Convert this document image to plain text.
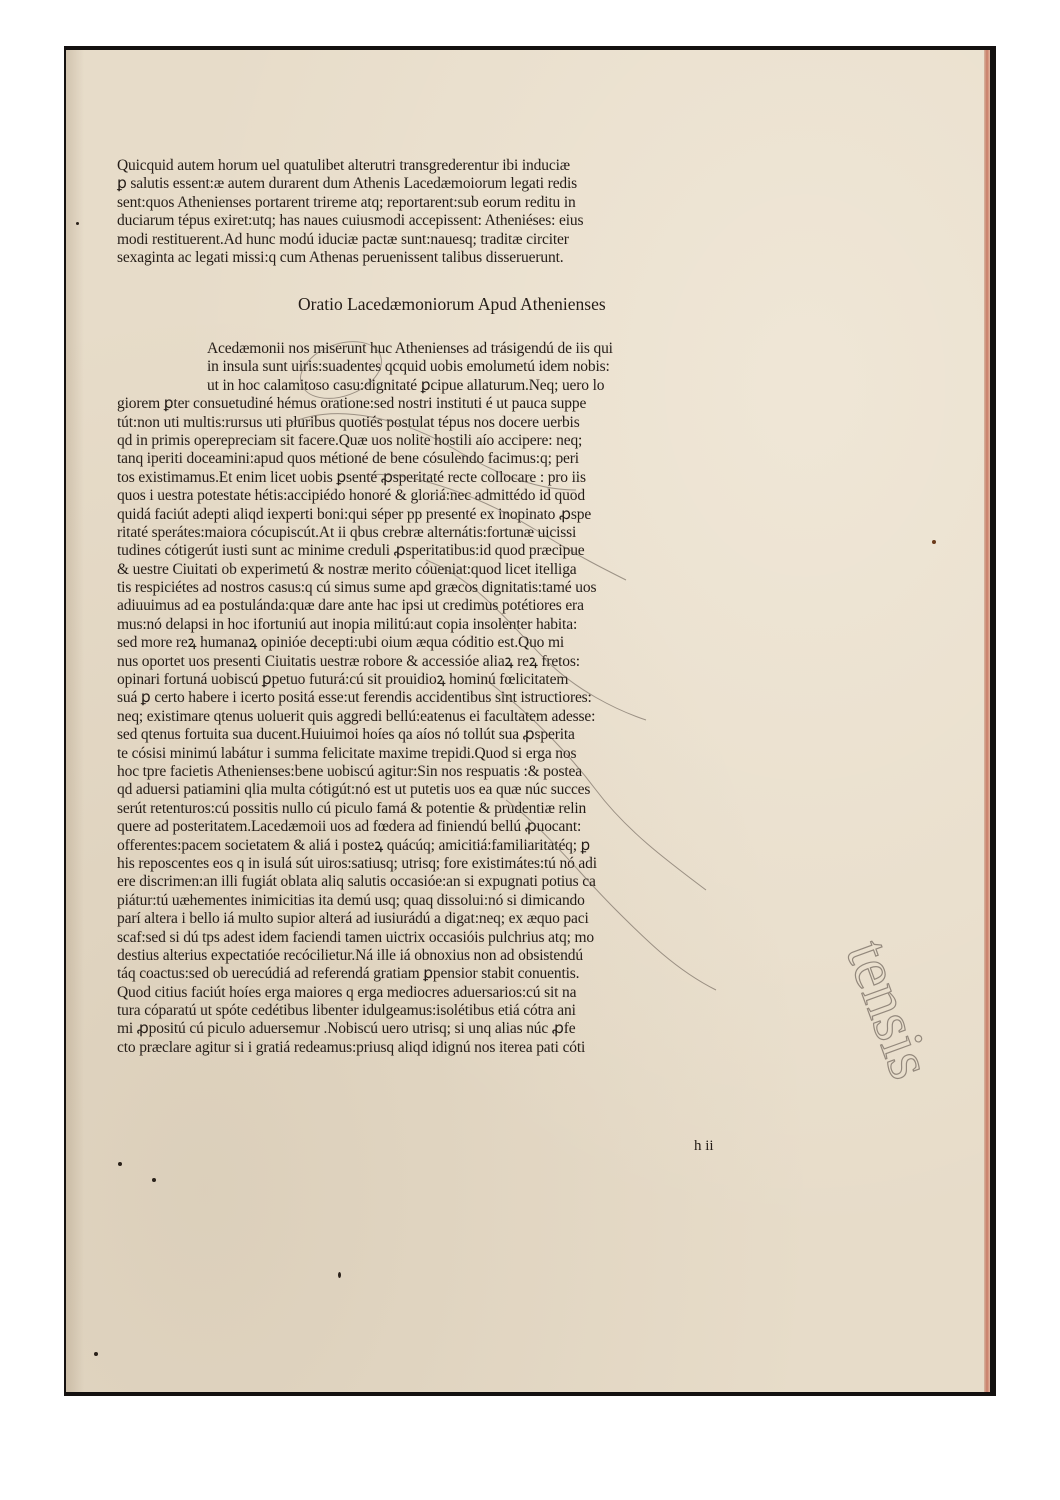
Quicquid autem horum uel quatulibet alterutri transgrederentur ibi induciæ
ꝑ salutis essent:æ autem durarent dum Athenis Lacedæmoiorum legati redis
sent:quos Athenienses portarent trireme atq; reportarent:sub eorum reditu in
duciarum tépus exiret:utq; has naues cuiusmodi accepissent: Atheniéses: eius
modi restituerent.Ad hunc modú iduciæ pactæ sunt:nauesq; traditæ circiter
sexaginta ac legati missi:q cum Athenas peruenissent talibus disseruerunt.
Oratio Lacedæmoniorum Apud Athenienses
Acedæmonii nos miserunt huc Athenienses ad trásigendú de iis qui
in insula sunt uiris:suadentes qcquid uobis emolumetú idem nobis:
ut in hoc calamitoso casu:dignitaté ꝑcipue allaturum.Neq; uero lo
giorem ꝑter consuetudiné hémus oratione:sed nostri instituti é ut pauca suppe
tút:non uti multis:rursus uti pluribus quotiés postulat tépus nos docere uerbis
qd in primis operepreciam sit facere.Quæ uos nolite hostili aío accipere: neq;
tanq iperiti doceamini:apud quos métioné de bene cósulendo facimus:q; peri
tos existimamus.Et enim licet uobis ꝑsenté ꝓsperitaté recte collocare : pro iis
quos i uestra potestate hétis:accipiédo honoré & gloriá:nec admittédo id quod
quidá faciút adepti aliqd iexperti boni:qui séper pp presenté ex inopinato ꝓspe
ritaté sperátes:maiora cócupiscút.At ii qbus crebræ alternátis:fortunæ uicissi
tudines cótigerút iusti sunt ac minime creduli ꝓsperitatibus:id quod præcipue
& uestre Ciuitati ob experimetú & nostræ merito cóueniat:quod licet itelliga
tis respiciétes ad nostros casus:q cú simus sume apd græcos dignitatis:tamé uos
adiuuimus ad ea postulánda:quæ dare ante hac ipsi ut credimus potétiores era
mus:nó delapsi in hoc ifortuniú aut inopia militú:aut copia insolenter habita:
sed more reꝝ humanaꝝ opinióe decepti:ubi oium æqua códitio est.Quo mi
nus oportet uos presenti Ciuitatis uestræ robore & accessióe aliaꝝ reꝝ fretos:
opinari fortuná uobiscú ꝑpetuo futurá:cú sit prouidioꝝ hominú fœlicitatem
suá ꝑ certo habere i icerto positá esse:ut ferendis accidentibus sint istructiores:
neq; existimare qtenus uoluerit quis aggredi bellú:eatenus ei facultatem adesse:
sed qtenus fortuita sua ducent.Huiuimoi hoíes qa aíos nó tollút sua ꝓsperita
te cósisi minimú labátur i summa felicitate maxime trepidi.Quod si erga nos
hoc tpre facietis Athenienses:bene uobiscú agitur:Sin nos respuatis :& postea
qd aduersi patiamini qlia multa cótigút:nó est ut putetis uos ea quæ núc succes
serút retenturos:cú possitis nullo cú piculo famá & potentie & prudentiæ relin
quere ad posteritatem.Lacedæmoii uos ad fœdera ad finiendú bellú ꝓuocant:
offerentes:pacem societatem & aliá i posteꝝ quácúq; amicitiá:familiaritatéq; ꝑ
his reposcentes eos q in isulá sút uiros:satiusq; utrisq; fore existimátes:tú nó adi
ere discrimen:an illi fugiát oblata aliq salutis occasióe:an si expugnati potius ca
piátur:tú uæhementes inimicitias ita demú usq; quaq dissolui:nó si dimicando
parí altera i bello iá multo supior alterá ad iusiurádú a digat:neq; ex æquo paci
scaf:sed si dú tps adest idem faciendi tamen uictrix occasióis pulchrius atq; mo
destius alterius expectatióe recócilietur.Ná ille iá obnoxius non ad obsistendú
táq coactus:sed ob uerecúdiá ad referendá gratiam ꝑpensior stabit conuentis.
Quod citius faciút hoíes erga maiores q erga mediocres aduersarios:cú sit na
tura cóparatú ut spóte cedétibus libenter idulgeamus:isolétibus etiá cótra ani
mi ꝓpositú cú piculo aduersemur .Nobiscú uero utrisq; si unq alias núc ꝓfe
cto præclare agitur si i gratiá redeamus:priusq aliqd idignú nos iterea pati cóti
h ii
tensis
